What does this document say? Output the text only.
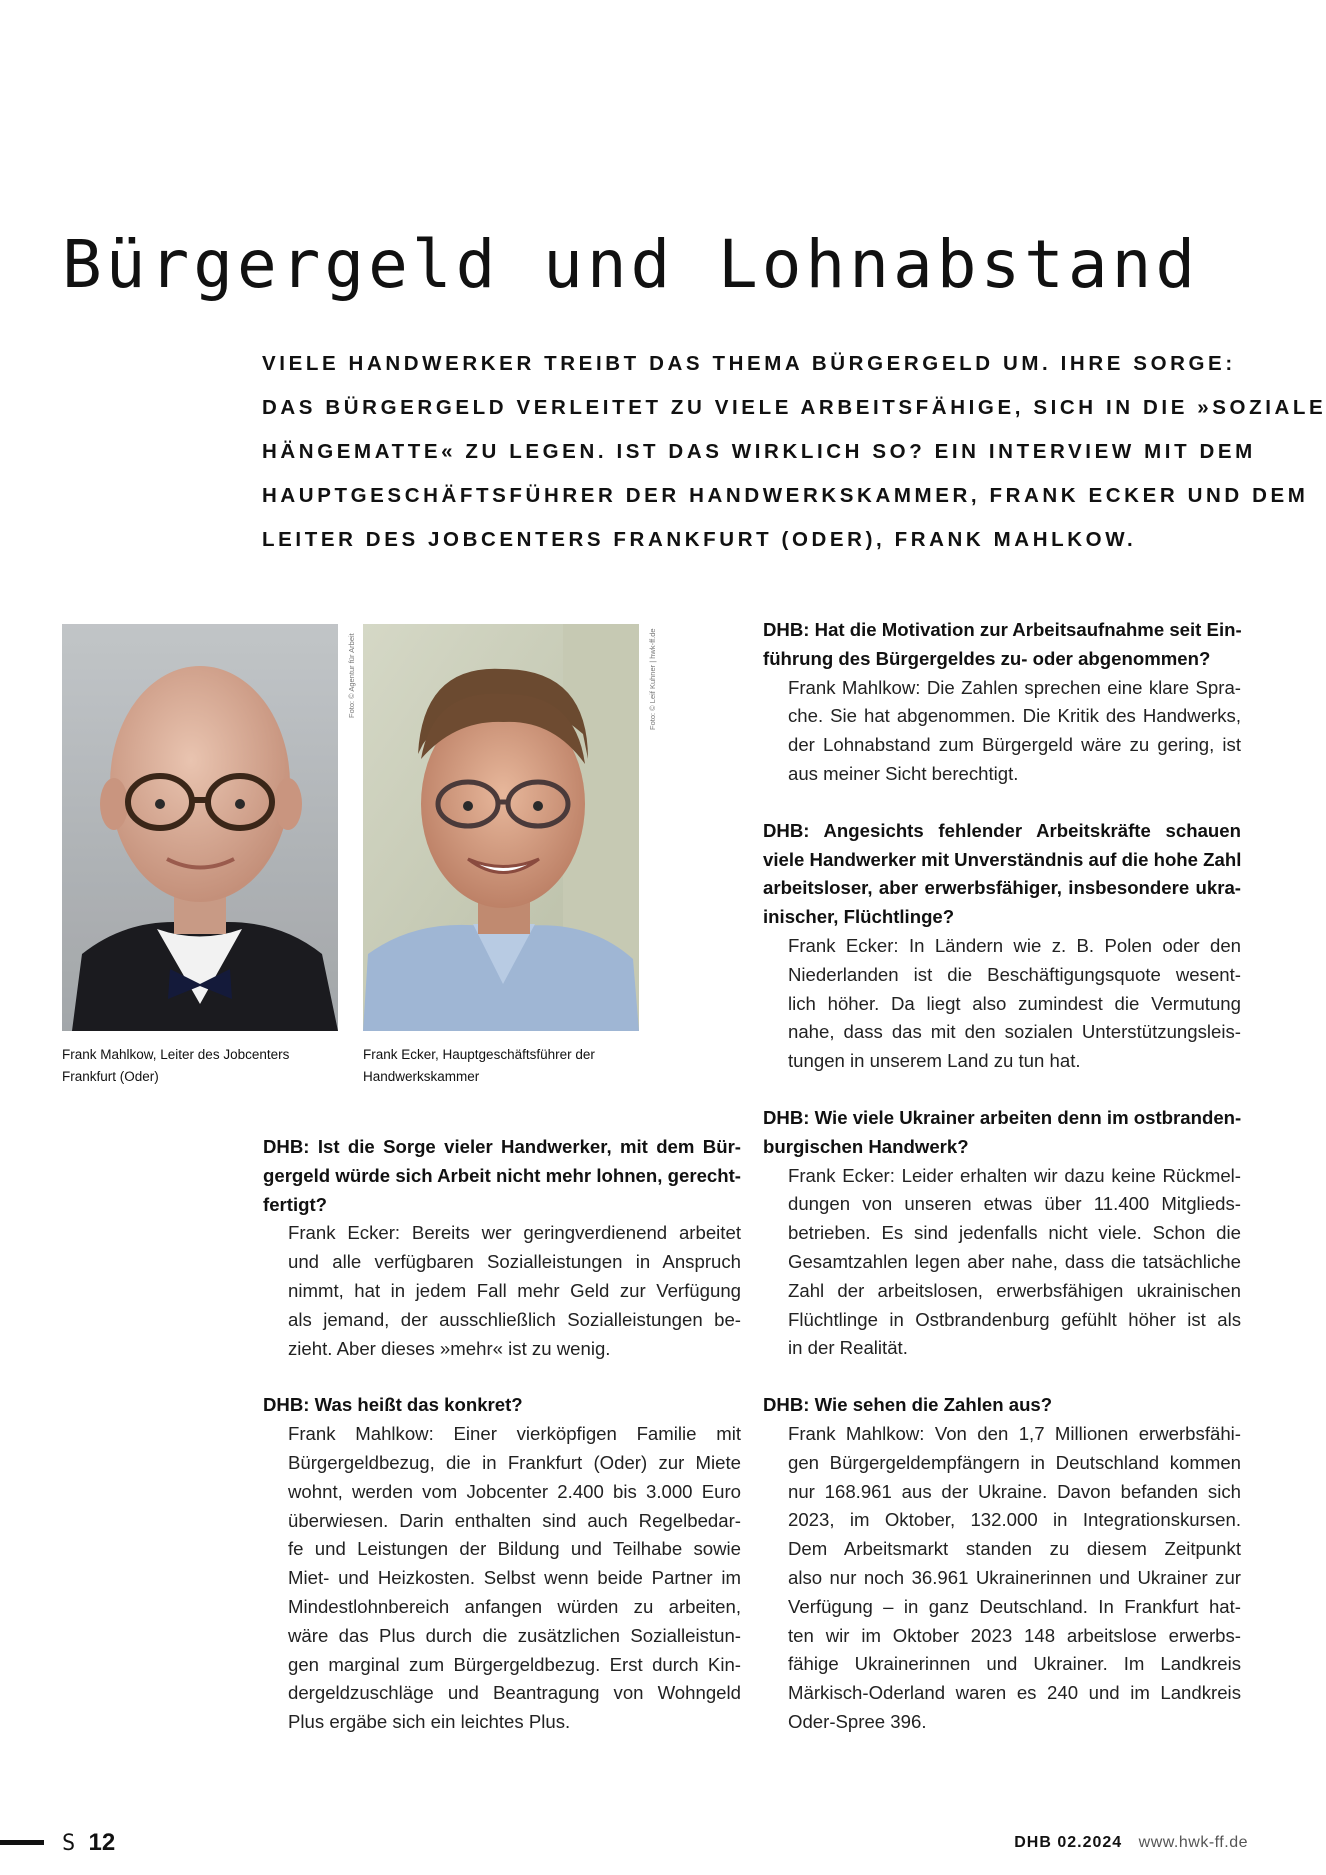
Bürgergeld und Lohnabstand

VIELE HANDWERKER TREIBT DAS THEMA BÜRGERGELD UM. IHRE SORGE:

DAS BÜRGERGELD VERLEITET ZU VIELE ARBEITSFÄHIGE, SICH IN DIE »SOZIALE

HÄNGEMATTE« ZU LEGEN. IST DAS WIRKLICH SO? EIN INTERVIEW MIT DEM

HAUPTGESCHÄFTSFÜHRER DER HANDWERKSKAMMER, FRANK ECKER UND DEM

LEITER DES JOBCENTERS FRANKFURT (ODER), FRANK MAHLKOW.

Foto: © Agentur für Arbeit

Frank Mahlkow, Leiter des Jobcenters

Frankfurt (Oder)

Foto: © Leif Kuhner | hwk-ff.de

Frank Ecker, Hauptgeschäftsführer der

Handwerkskammer

DHB: Ist die Sorge vieler Handwerker, mit dem Bür-
gergeld würde sich Arbeit nicht mehr lohnen, gerecht-
fertigt?
Frank Ecker: Bereits wer geringverdienend arbeitet
und alle verfügbaren Sozialleistungen in Anspruch
nimmt, hat in jedem Fall mehr Geld zur Verfügung
als jemand, der ausschließlich Sozialleistungen be-
zieht. Aber dieses »mehr« ist zu wenig.
DHB: Was heißt das konkret?
Frank Mahlkow: Einer vierköpfigen Familie mit
Bürgergeldbezug, die in Frankfurt (Oder) zur Miete
wohnt, werden vom Jobcenter 2.400 bis 3.000 Euro
überwiesen. Darin enthalten sind auch Regelbedar-
fe und Leistungen der Bildung und Teilhabe sowie
Miet- und Heizkosten. Selbst wenn beide Partner im
Mindestlohnbereich anfangen würden zu arbeiten,
wäre das Plus durch die zusätzlichen Sozialleistun-
gen marginal zum Bürgergeldbezug. Erst durch Kin-
dergeldzuschläge und Beantragung von Wohngeld
Plus ergäbe sich ein leichtes Plus.
DHB: Hat die Motivation zur Arbeitsaufnahme seit Ein-
führung des Bürgergeldes zu- oder abgenommen?
Frank Mahlkow: Die Zahlen sprechen eine klare Spra-
che. Sie hat abgenommen. Die Kritik des Handwerks,
der Lohnabstand zum Bürgergeld wäre zu gering, ist
aus meiner Sicht berechtigt.
DHB: Angesichts fehlender Arbeitskräfte schauen
viele Handwerker mit Unverständnis auf die hohe Zahl
arbeitsloser, aber erwerbsfähiger, insbesondere ukra-
inischer, Flüchtlinge?
Frank Ecker: In Ländern wie z. B. Polen oder den
Niederlanden ist die Beschäftigungsquote wesent-
lich höher. Da liegt also zumindest die Vermutung
nahe, dass das mit den sozialen Unterstützungsleis-
tungen in unserem Land zu tun hat.
DHB: Wie viele Ukrainer arbeiten denn im ostbranden-
burgischen Handwerk?
Frank Ecker: Leider erhalten wir dazu keine Rückmel-
dungen von unseren etwas über 11.400 Mitglieds-
betrieben. Es sind jedenfalls nicht viele. Schon die
Gesamtzahlen legen aber nahe, dass die tatsächliche
Zahl der arbeitslosen, erwerbsfähigen ukrainischen
Flüchtlinge in Ostbrandenburg gefühlt höher ist als
in der Realität.
DHB: Wie sehen die Zahlen aus?
Frank Mahlkow: Von den 1,7 Millionen erwerbsfähi-
gen Bürgergeldempfängern in Deutschland kommen
nur 168.961 aus der Ukraine. Davon befanden sich
2023, im Oktober, 132.000 in Integrationskursen.
Dem Arbeitsmarkt standen zu diesem Zeitpunkt
also nur noch 36.961 Ukrainerinnen und Ukrainer zur
Verfügung – in ganz Deutschland. In Frankfurt hat-
ten wir im Oktober 2023 148 arbeitslose erwerbs-
fähige Ukrainerinnen und Ukrainer. Im Landkreis
Märkisch-Oderland waren es 240 und im Landkreis
Oder-Spree 396.
S 12	DHB 02.2024 www.hwk-ff.de
